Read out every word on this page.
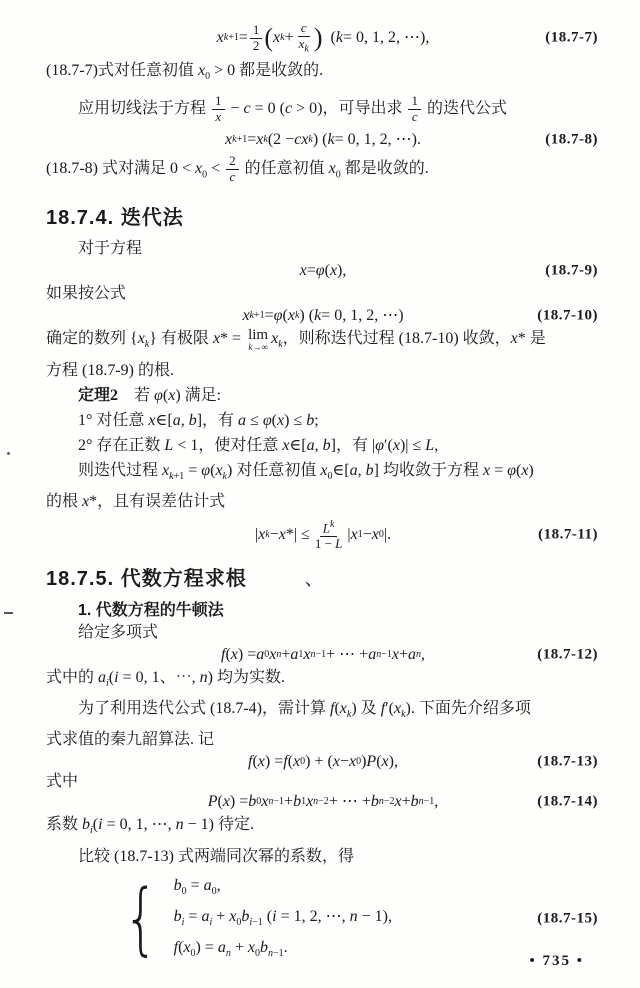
x $k+1 = \frac{1}{2}$ ( x $k + \frac{c}{x_k}$ ) ( k = 0, 1, 2, ⋯),	(18.7-7)

(18.7-7)式对任意初值 $x_0 > 0$ 都是收敛的.

应用切线法于方程 $\frac{1}{x} - c = 0$ (c > 0)，可导出求 $\frac{1}{c}$ 的迭代公式

x k+1 = x k (2 − cx k ) ( k = 0, 1, 2, ⋯).	(18.7-8)

(18.7-8) 式对满足 $0 < x_0 < \frac{2}{c}$ 的任意初值 $x_0$ 都是收敛的.

18.7.4. 迭代法

对于方程

x = φ ( x ),	(18.7-9)

如果按公式

x k+1 = φ ( x k ) ( k = 0, 1, 2, ⋯)	(18.7-10)

确定的数列 $\{x_k\}$ 有极限 x* = lim
k→∞ $x_k$，则称迭代过程 (18.7-10) 收敛，x* 是

方程 (18.7-9) 的根.

定理2 若 φ(x) 满足:

1° 对任意 x∈[a, b]，有 a ≤ φ(x) ≤ b;

2° 存在正数 L < 1，使对任意 x∈[a, b]，有 |φ′(x)| ≤ L,

则迭代过程 $x_{k+1} = \varphi(x_k)$ 对任意初值 $x_0\in[a$, b] 均收敛于方程 x = φ(x)

的根 x*，且有误差估计式

| x k − x *| ≤ $\frac{L^k}{1 - L}$ | x 1 − x 0 |.	(18.7-11)
18.7.5. 代数方程求根	、

1. 代数方程的牛顿法

给定多项式

f ( x ) = a 0 x n + a 1 x n−1 + ⋯ + a n−1 x + a n ,	(18.7-12)

式中的 $a_i(i = 0$, 1、⋯, n) 均为实数.

为了利用迭代公式 (18.7-4)，需计算 $f(x_k)$ 及 $f'(x_k)$. 下面先介绍多项

式求值的秦九韶算法. 记

f ( x ) = f ( x 0 ) + ( x − x 0 ) P ( x ),	(18.7-13)

式中

P ( x ) = b 0 x n−1 + b 1 x n−2 + ⋯ + b n−2 x + b n−1 ,	(18.7-14)

系数 $b_i(i = 0$, 1, ⋯, n − 1) 待定.

比较 (18.7-13) 式两端同次幂的系数，得

{ $b_0 = a_0$,
$b_i = a_i + x_0b_{i-1}$ (i = 1, 2, ⋯, n − 1),
$f(x_0) = a_n + x_0b_{n-1}$.
(18.7-15)
• 735 •
